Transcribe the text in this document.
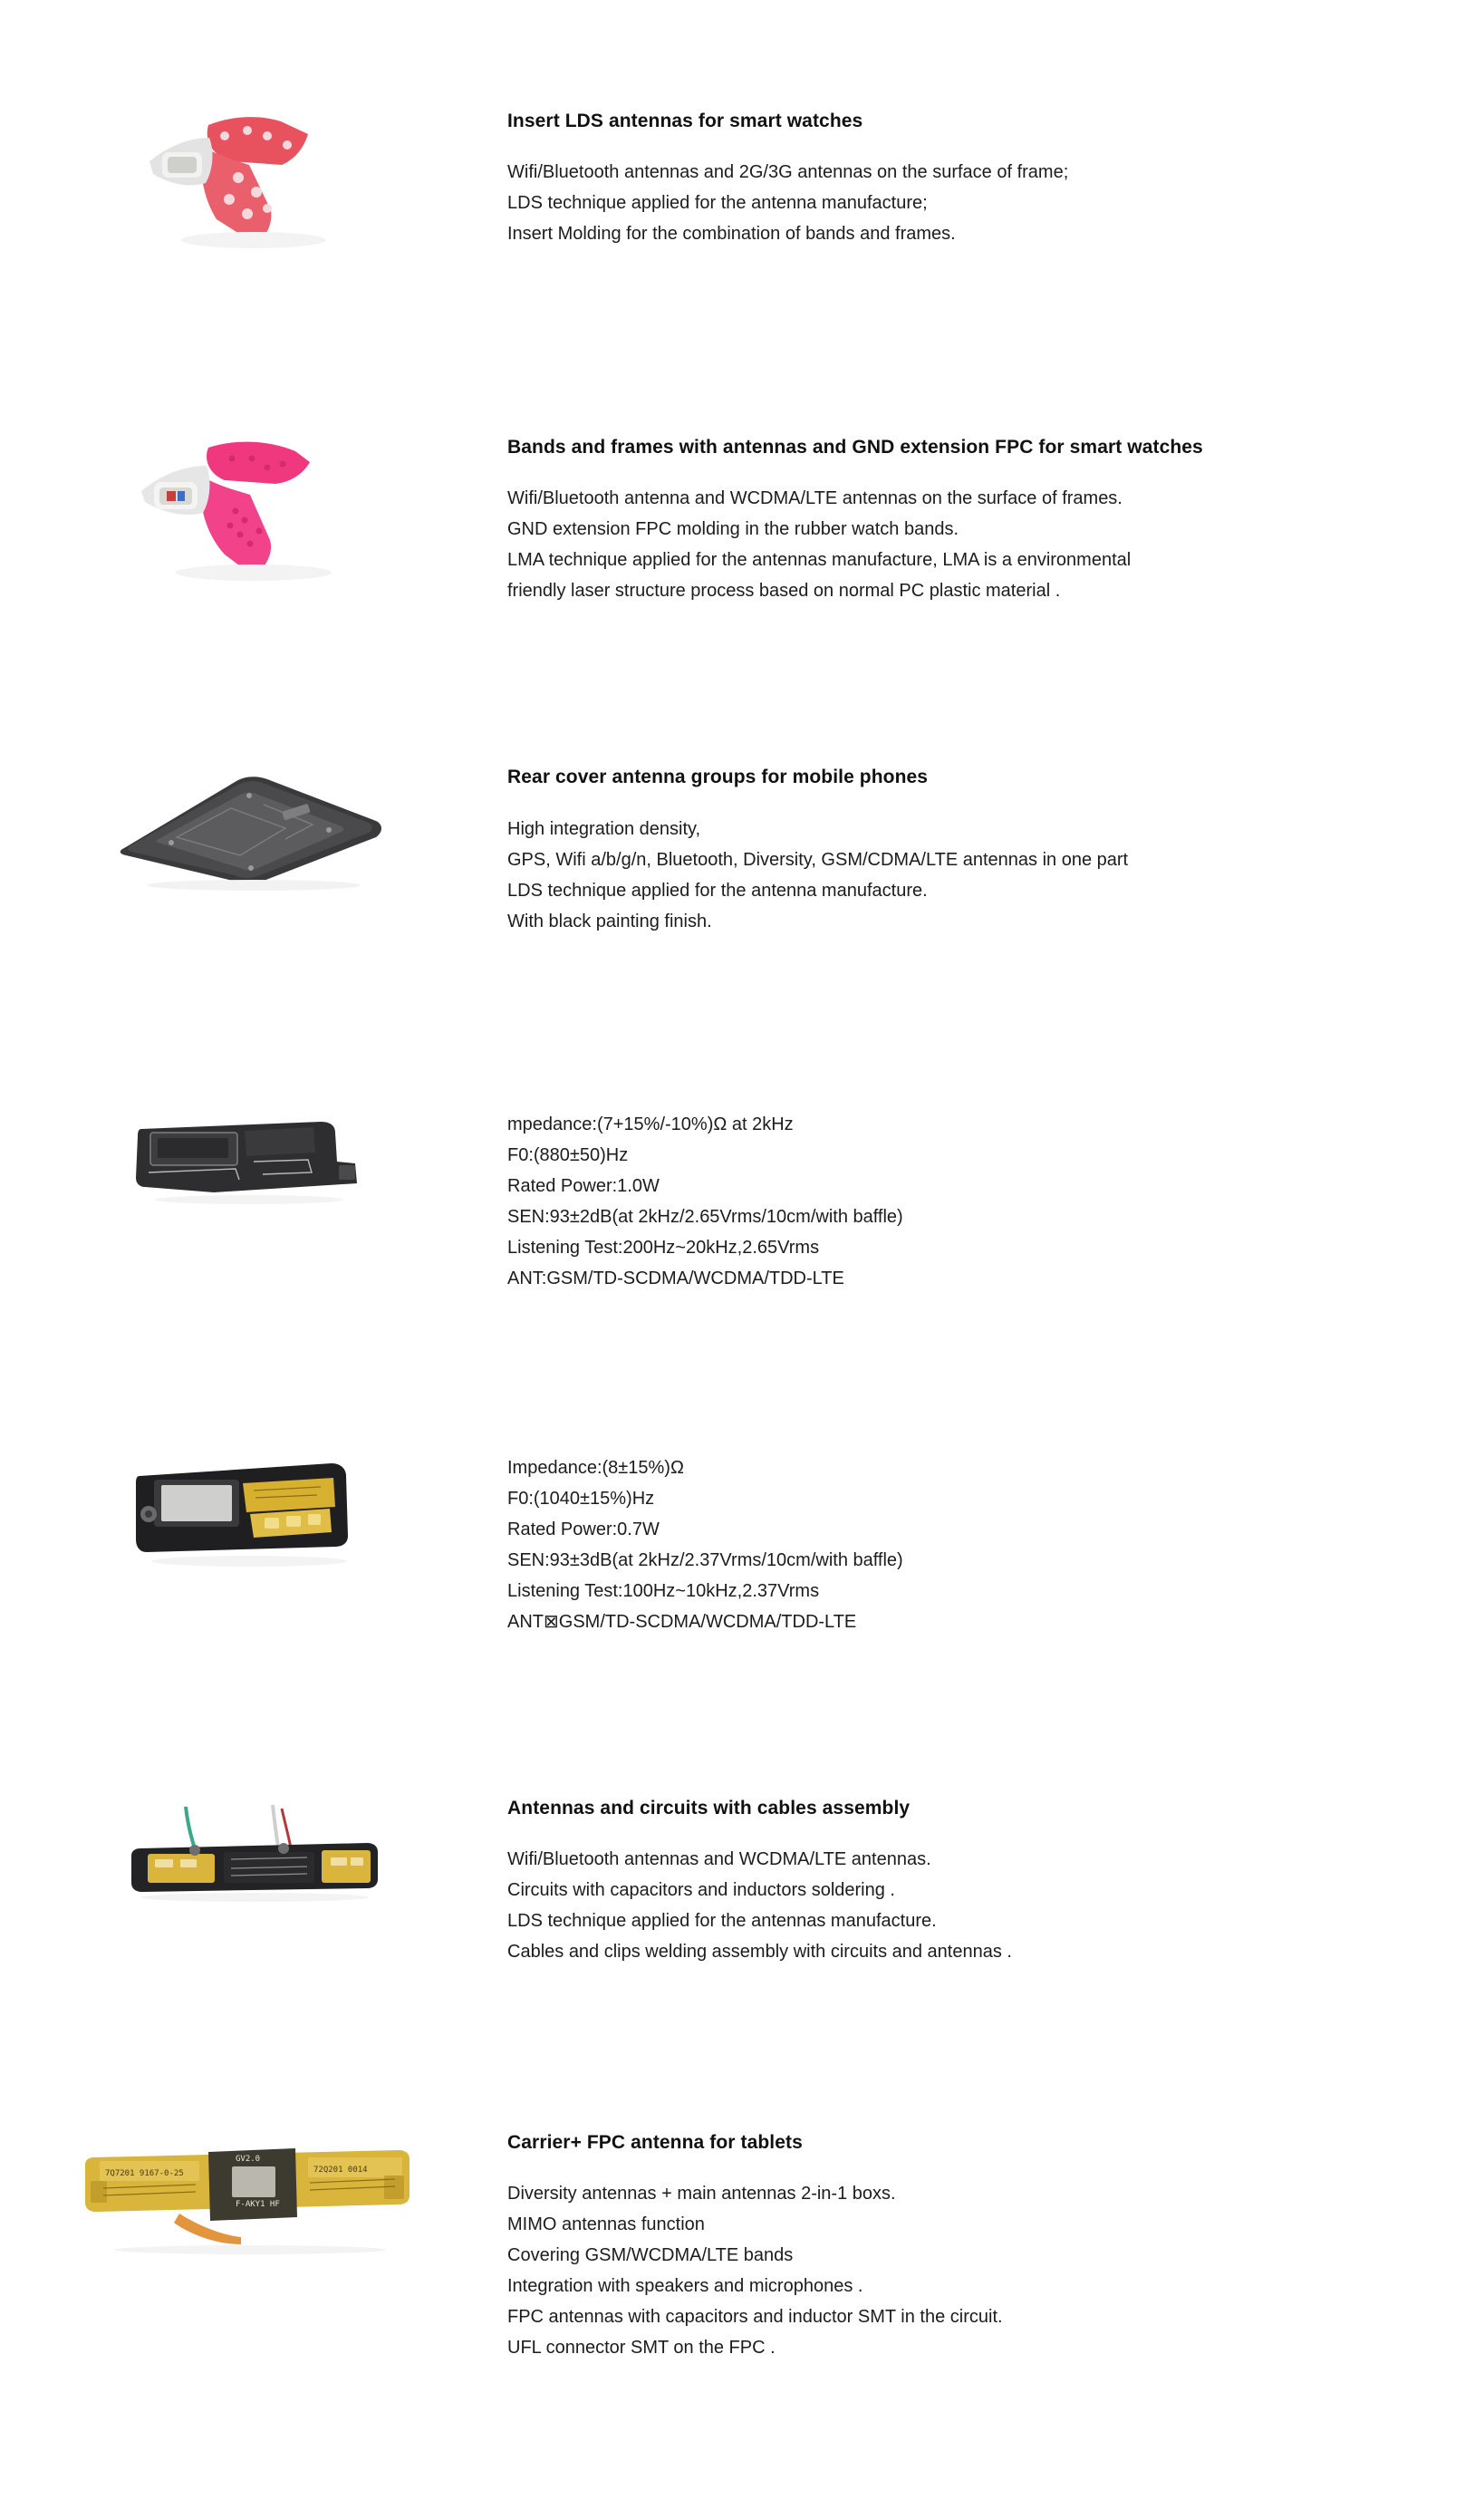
Insert LDS antennas for smart watches
Wifi/Bluetooth antennas and 2G/3G antennas on the surface of frame;
LDS technique applied for the antenna manufacture;
Insert Molding for the combination of bands and frames.
Bands and frames with antennas and GND extension FPC for smart watches
Wifi/Bluetooth antenna and WCDMA/LTE antennas on the surface of frames.
GND extension FPC molding in the rubber watch bands.
LMA technique applied for the antennas manufacture, LMA is a environmental
friendly laser structure process based on normal PC plastic material .
Rear cover antenna groups for mobile phones
High integration density,
GPS, Wifi a/b/g/n, Bluetooth, Diversity, GSM/CDMA/LTE antennas in one part
LDS technique applied for the antenna manufacture.
With black painting finish.
mpedance:(7+15%/-10%)Ω at 2kHz
F0:(880±50)Hz
Rated Power:1.0W
SEN:93±2dB(at 2kHz/2.65Vrms/10cm/with baffle)
Listening Test:200Hz~20kHz,2.65Vrms
ANT:GSM/TD-SCDMA/WCDMA/TDD-LTE
Impedance:(8±15%)Ω
F0:(1040±15%)Hz
Rated Power:0.7W
SEN:93±3dB(at 2kHz/2.37Vrms/10cm/with baffle)
Listening Test:100Hz~10kHz,2.37Vrms
ANT⊠GSM/TD-SCDMA/WCDMA/TDD-LTE
Antennas and circuits with cables assembly
Wifi/Bluetooth antennas and WCDMA/LTE antennas.
Circuits with capacitors and inductors soldering .
LDS technique applied for the antennas manufacture.
Cables and clips welding assembly with circuits and antennas .
7Q7201 9167-0-25	72Q201 0014
GV2.0
F-AKY1 HF
Carrier+ FPC antenna for tablets
Diversity antennas + main antennas 2-in-1 boxs.
MIMO antennas function
Covering GSM/WCDMA/LTE bands
Integration with speakers and microphones .
FPC antennas with capacitors and inductor SMT in the circuit.
UFL connector SMT on the FPC .
